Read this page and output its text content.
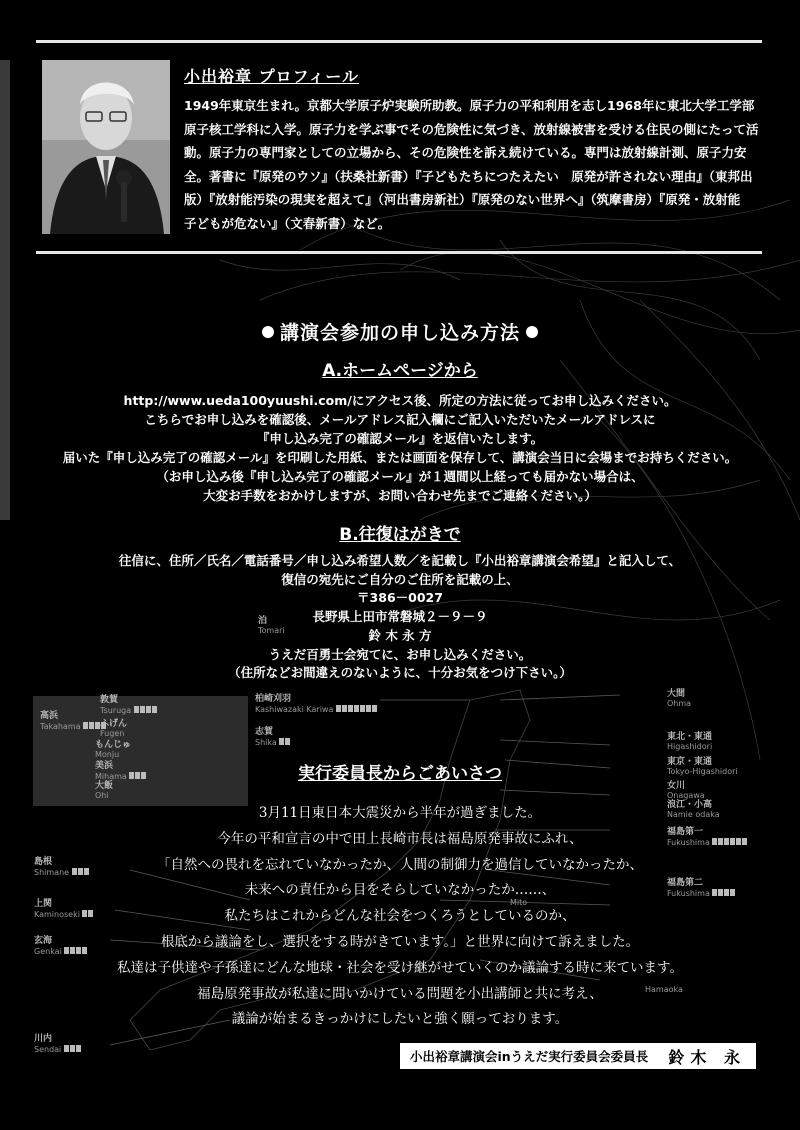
小出裕章 プロフィール
1949年東京生まれ。京都大学原子炉実験所助教。原子力の平和利用を志し1968年に東北大学工学部原子核工学科に入学。原子力を学ぶ事でその危険性に気づき、放射線被害を受ける住民の側にたって活動。原子力の専門家としての立場から、その危険性を訴え続けている。専門は放射線計測、原子力安全。著書に『原発のウソ』（扶桑社新書）『子どもたちにつたえたい　原発が許されない理由』（東邦出版）『放射能汚染の現実を超えて』（河出書房新社）『原発のない世界へ』（筑摩書房）『原発・放射能　子どもが危ない』（文春新書）など。
講演会参加の申し込み方法
A.ホームページから
http://www.ueda100yuushi.com/にアクセス後、所定の方法に従ってお申し込みください。
こちらでお申し込みを確認後、メールアドレス記入欄にご記入いただいたメールアドレスに
『申し込み完了の確認メール』を返信いたします。
届いた『申し込み完了の確認メール』を印刷した用紙、または画面を保存して、講演会当日に会場までお持ちください。
（お申し込み後『申し込み完了の確認メール』が１週間以上経っても届かない場合は、
大変お手数をおかけしますが、お問い合わせ先までご連絡ください。）
B.往復はがきで
往信に、住所／氏名／電話番号／申し込み希望人数／を記載し『小出裕章講演会希望』と記入して、
復信の宛先にご自分のご住所を記載の上、
〒386－0027
長野県上田市常磐城２－９－９
鈴 木 永 方
うえだ百勇士会宛てに、お申し込みください。
（住所などお間違えのないように、十分お気をつけ下さい。）
泊
Tomari
柏崎刈羽
Kashiwazaki Kariwa
志賀
Shika
大間
Ohma
東北・東通
Higashidori
東京・東通
Tokyo-Higashidori
女川
Onagawa
浪江・小高
Namie odaka
福島第一
Fukushima
福島第二
Fukushima
島根
Shimane
上関
Kaminoseki
玄海
Genkai
川内
Sendai
高浜
Takahama
敦賀
Tsuruga
ふげん
Fugen
もんじゅ
Monju
美浜
Mihama
大飯
Ohi
Hamaoka
Mito
実行委員長からごあいさつ
3月11日東日本大震災から半年が過ぎました。
今年の平和宣言の中で田上長崎市長は福島原発事故にふれ、
「自然への畏れを忘れていなかったか、人間の制御力を過信していなかったか、
未来への責任から目をそらしていなかったか……、
私たちはこれからどんな社会をつくろうとしているのか、
根底から議論をし、選択をする時がきています。」と世界に向けて訴えました。
私達は子供達や子孫達にどんな地球・社会を受け継がせていくのか議論する時に来ています。
福島原発事故が私達に問いかけている問題を小出講師と共に考え、
議論が始まるきっかけにしたいと強く願っております。
小出裕章講演会inうえだ実行委員会委員長 鈴木 永
